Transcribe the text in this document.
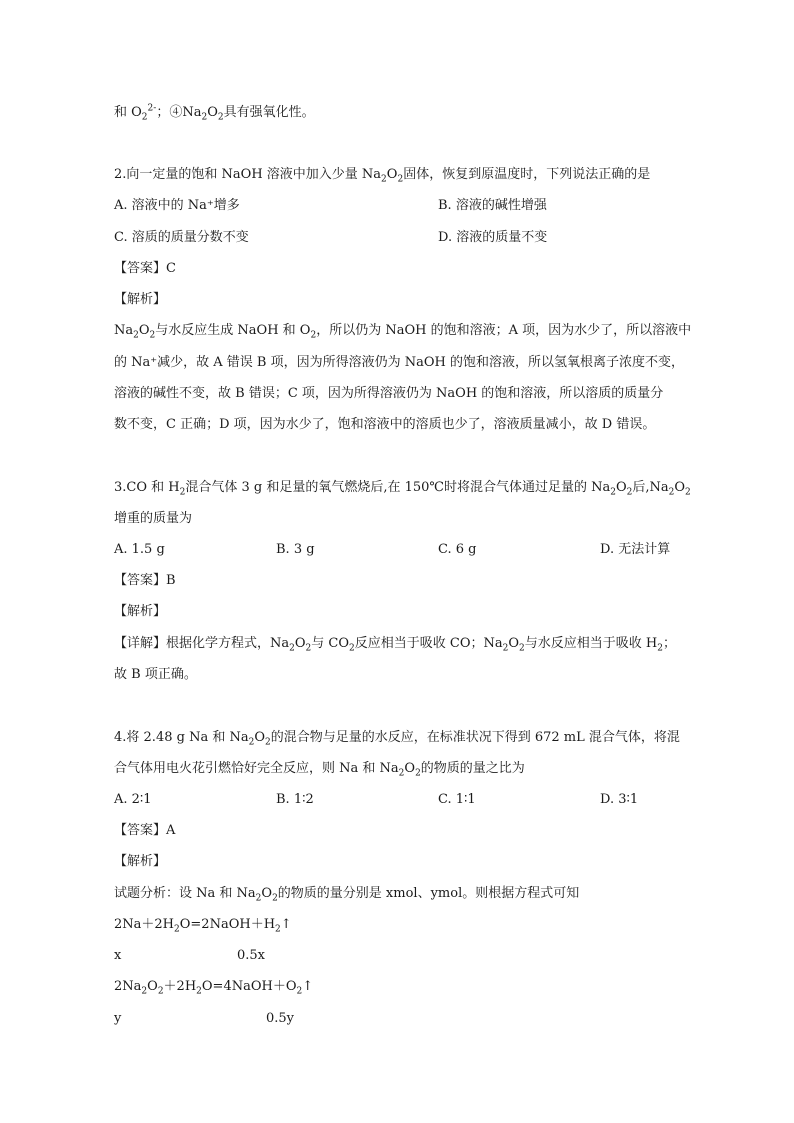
和 $O_2^{2-}$；$④Na_2O_2$具有强氧化性。
2.向一定量的饱和 NaOH 溶液中加入少量 $Na_2O_2$固体，恢复到原温度时，下列说法正确的是
A. 溶液中的 Na⁺增多	B. 溶液的碱性增强
C. 溶质的质量分数不变	D. 溶液的质量不变
【答案】C
【解析】
$Na_2O_2$与水反应生成 NaOH 和 $O_2$，所以仍为 NaOH 的饱和溶液；A 项，因为水少了，所以溶液中
的 Na⁺减少，故 A 错误 B 项，因为所得溶液仍为 NaOH 的饱和溶液，所以氢氧根离子浓度不变，
溶液的碱性不变，故 B 错误；C 项，因为所得溶液仍为 NaOH 的饱和溶液，所以溶质的质量分
数不变，C 正确；D 项，因为水少了，饱和溶液中的溶质也少了，溶液质量减小，故 D 错误。
3.CO 和 $H_2$混合气体 3 g 和足量的氧气燃烧后,在 150℃时将混合气体通过足量的 $Na_2O_2$后$,Na_2O_2$
增重的质量为
A. 1.5 g	B. 3 g	C. 6 g	D. 无法计算
【答案】B
【解析】
【详解】根据化学方程式，$Na_2O_2$与 $CO_2$反应相当于吸收 CO；$Na_2O_2$与水反应相当于吸收 $H_2$；
故 B 项正确。
4.将 2.48 g Na 和 $Na_2O_2$的混合物与足量的水反应，在标准状况下得到 672 mL 混合气体，将混
合气体用电火花引燃恰好完全反应，则 Na 和 $Na_2O_2$的物质的量之比为
A. 2∶1	B. 1∶2	C. 1∶1	D. 3∶1
【答案】A
【解析】
试题分析：设 Na 和 $Na_2O_2$的物质的量分别是 xmol、ymol。则根据方程式可知
$2Na+2H_2O=2NaOH+H_2↑$
x	0.5x
$2Na_2O_2+2H_2O=4NaOH+O_2↑$
y	0.5y
